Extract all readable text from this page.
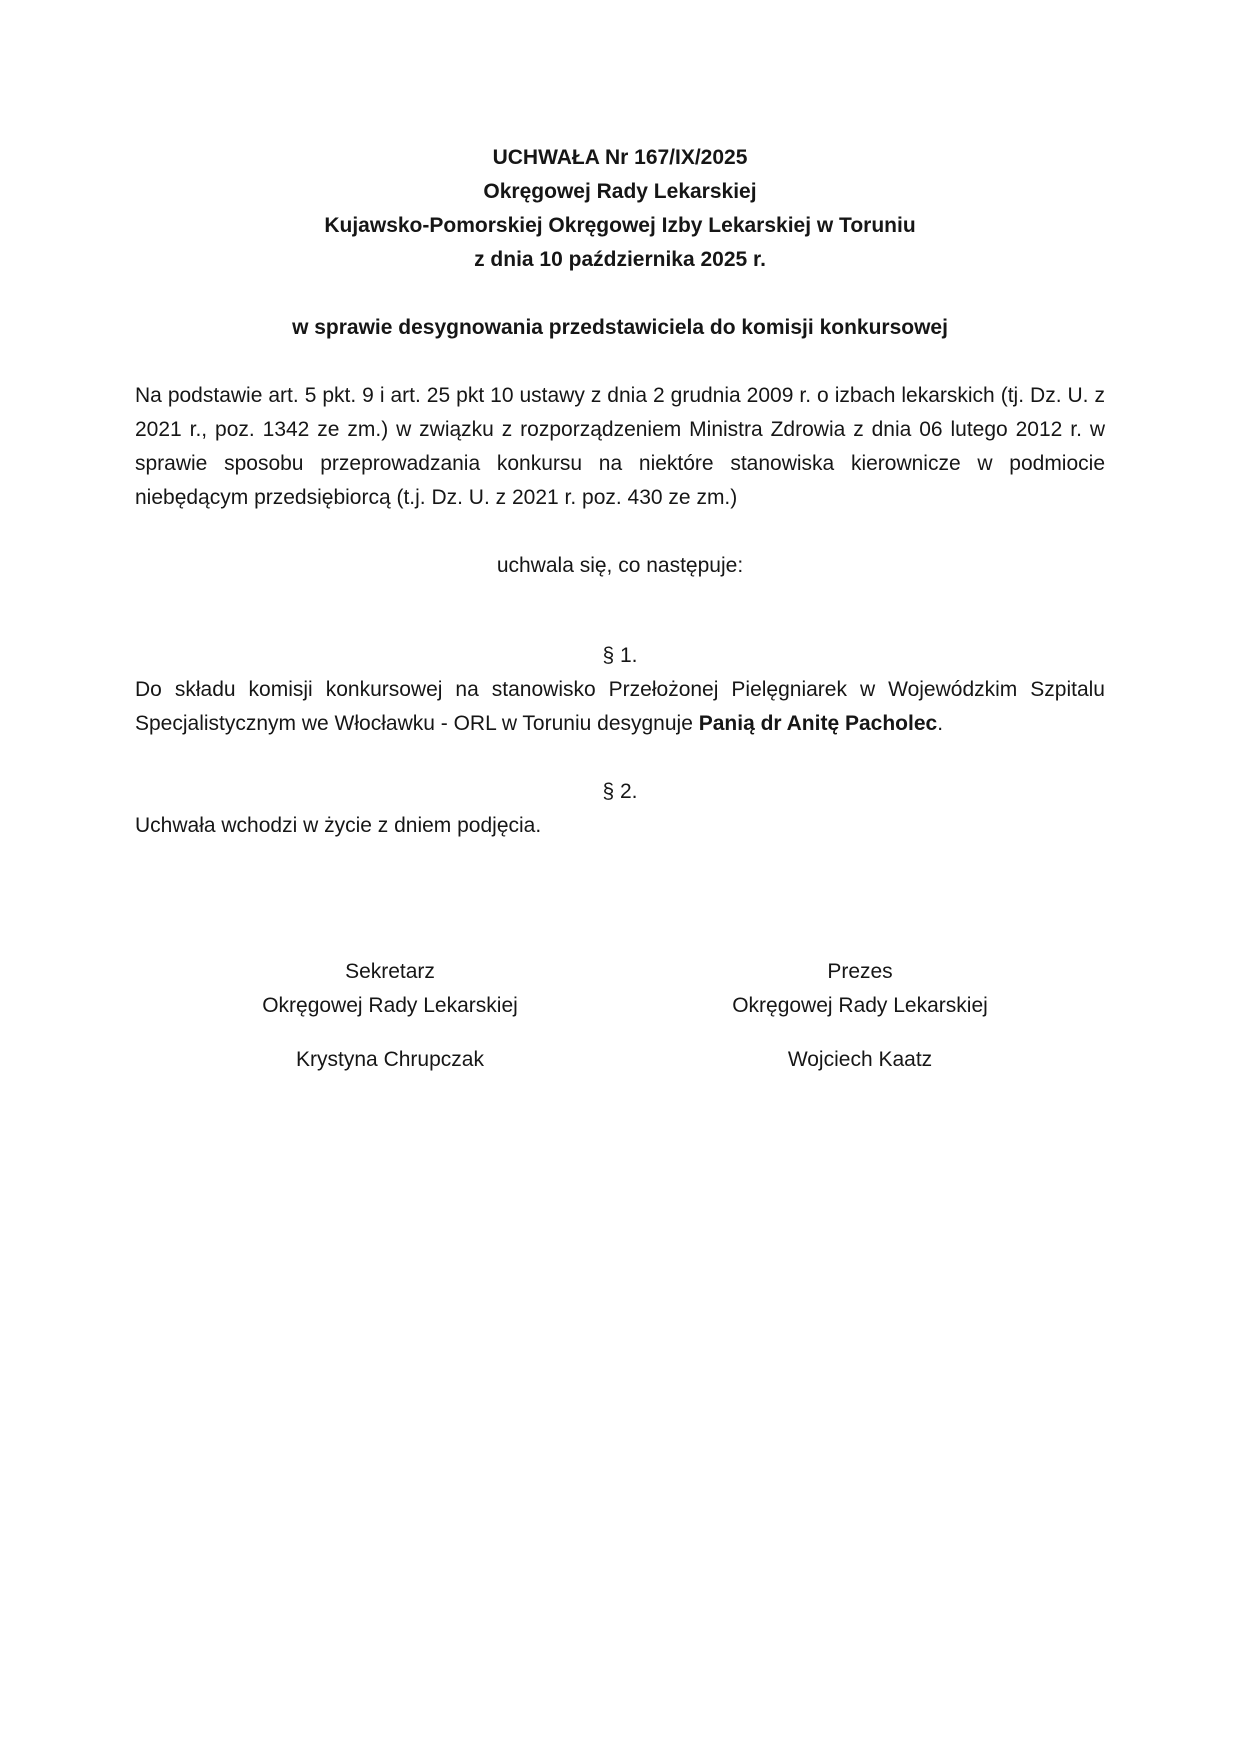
UCHWAŁA Nr 167/IX/2025
Okręgowej Rady Lekarskiej
Kujawsko-Pomorskiej Okręgowej Izby Lekarskiej w Toruniu
z dnia 10 października 2025 r.
w sprawie desygnowania przedstawiciela do komisji konkursowej
Na podstawie art. 5 pkt. 9 i art. 25 pkt 10 ustawy z dnia 2 grudnia 2009 r. o izbach lekarskich (tj. Dz. U. z 2021 r., poz. 1342 ze zm.) w związku z rozporządzeniem Ministra Zdrowia z dnia 06 lutego 2012 r. w sprawie sposobu przeprowadzania konkursu na niektóre stanowiska kierownicze w podmiocie niebędącym przedsiębiorcą (t.j. Dz. U. z 2021 r. poz. 430 ze zm.)
uchwala się, co następuje:
§ 1.
Do składu komisji konkursowej na stanowisko Przełożonej Pielęgniarek w Wojewódzkim Szpitalu Specjalistycznym we Włocławku - ORL w Toruniu desygnuje Panią dr Anitę Pacholec.
§ 2.
Uchwała wchodzi w życie z dniem podjęcia.
Sekretarz
Okręgowej Rady Lekarskiej
Krystyna Chrupczak
Prezes
Okręgowej Rady Lekarskiej
Wojciech Kaatz
